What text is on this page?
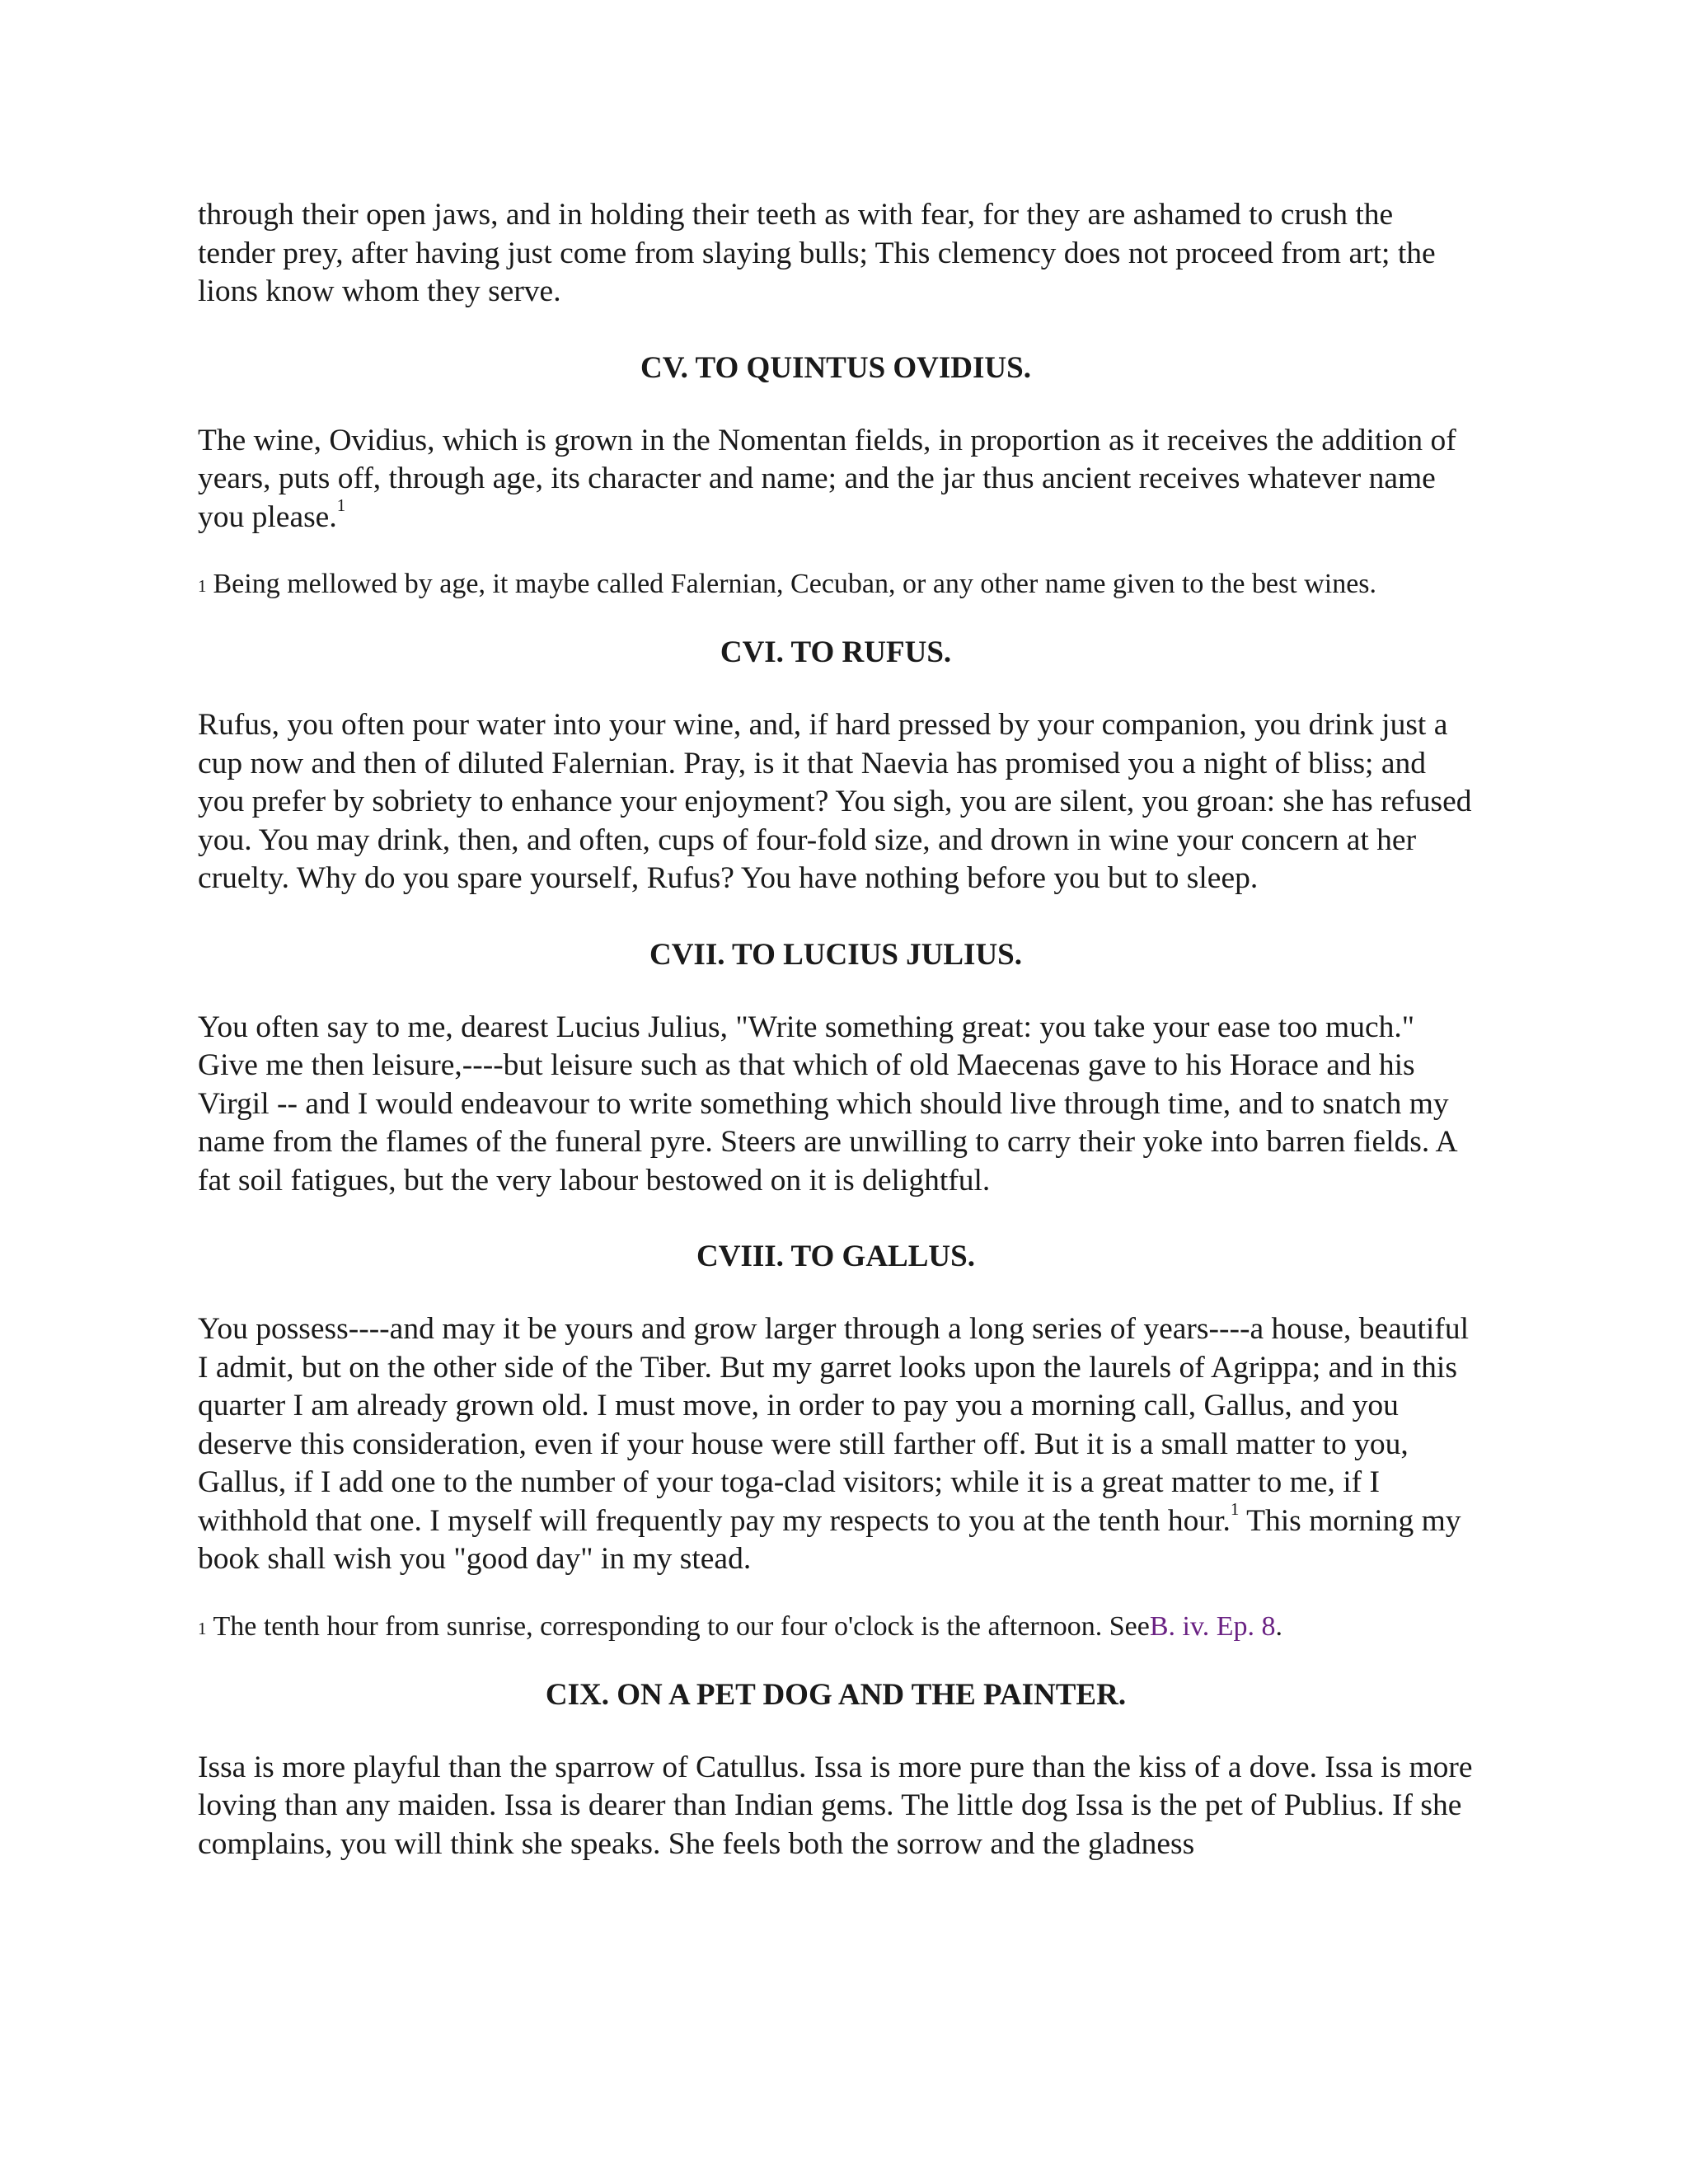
through their open jaws, and in holding their teeth as with fear, for they are ashamed to crush the tender prey, after having just come from slaying bulls; This clemency does not proceed from art; the lions know whom they serve.

CV. TO QUINTUS OVIDIUS.

The wine, Ovidius, which is grown in the Nomentan fields, in proportion as it receives the addition of years, puts off, through age, its character and name; and the jar thus ancient receives whatever name you please.$^1$

$^1$ Being mellowed by age, it maybe called Falernian, Cecuban, or any other name given to the best wines.

CVI. TO RUFUS.

Rufus, you often pour water into your wine, and, if hard pressed by your companion, you drink just a cup now and then of diluted Falernian. Pray, is it that Naevia has promised you a night of bliss; and you prefer by sobriety to enhance your enjoyment? You sigh, you are silent, you groan: she has refused you. You may drink, then, and often, cups of four-fold size, and drown in wine your concern at her cruelty. Why do you spare yourself, Rufus? You have nothing before you but to sleep.

CVII. TO LUCIUS JULIUS.

You often say to me, dearest Lucius Julius, "Write something great: you take your ease too much." Give me then leisure,----but leisure such as that which of old Maecenas gave to his Horace and his Virgil -- and I would endeavour to write something which should live through time, and to snatch my name from the flames of the funeral pyre. Steers are unwilling to carry their yoke into barren fields. A fat soil fatigues, but the very labour bestowed on it is delightful.

CVIII. TO GALLUS.

You possess----and may it be yours and grow larger through a long series of years----a house, beautiful I admit, but on the other side of the Tiber. But my garret looks upon the laurels of Agrippa; and in this quarter I am already grown old. I must move, in order to pay you a morning call, Gallus, and you deserve this consideration, even if your house were still farther off. But it is a small matter to you, Gallus, if I add one to the number of your toga-clad visitors; while it is a great matter to me, if I withhold that one. I myself will frequently pay my respects to you at the tenth hour.$^1$ This morning my book shall wish you "good day" in my stead.

$^1$ The tenth hour from sunrise, corresponding to our four o'clock is the afternoon. SeeB. iv. Ep. 8.

CIX. ON A PET DOG AND THE PAINTER.

Issa is more playful than the sparrow of Catullus. Issa is more pure than the kiss of a dove. Issa is more loving than any maiden. Issa is dearer than Indian gems. The little dog Issa is the pet of Publius. If she complains, you will think she speaks. She feels both the sorrow and the gladness
